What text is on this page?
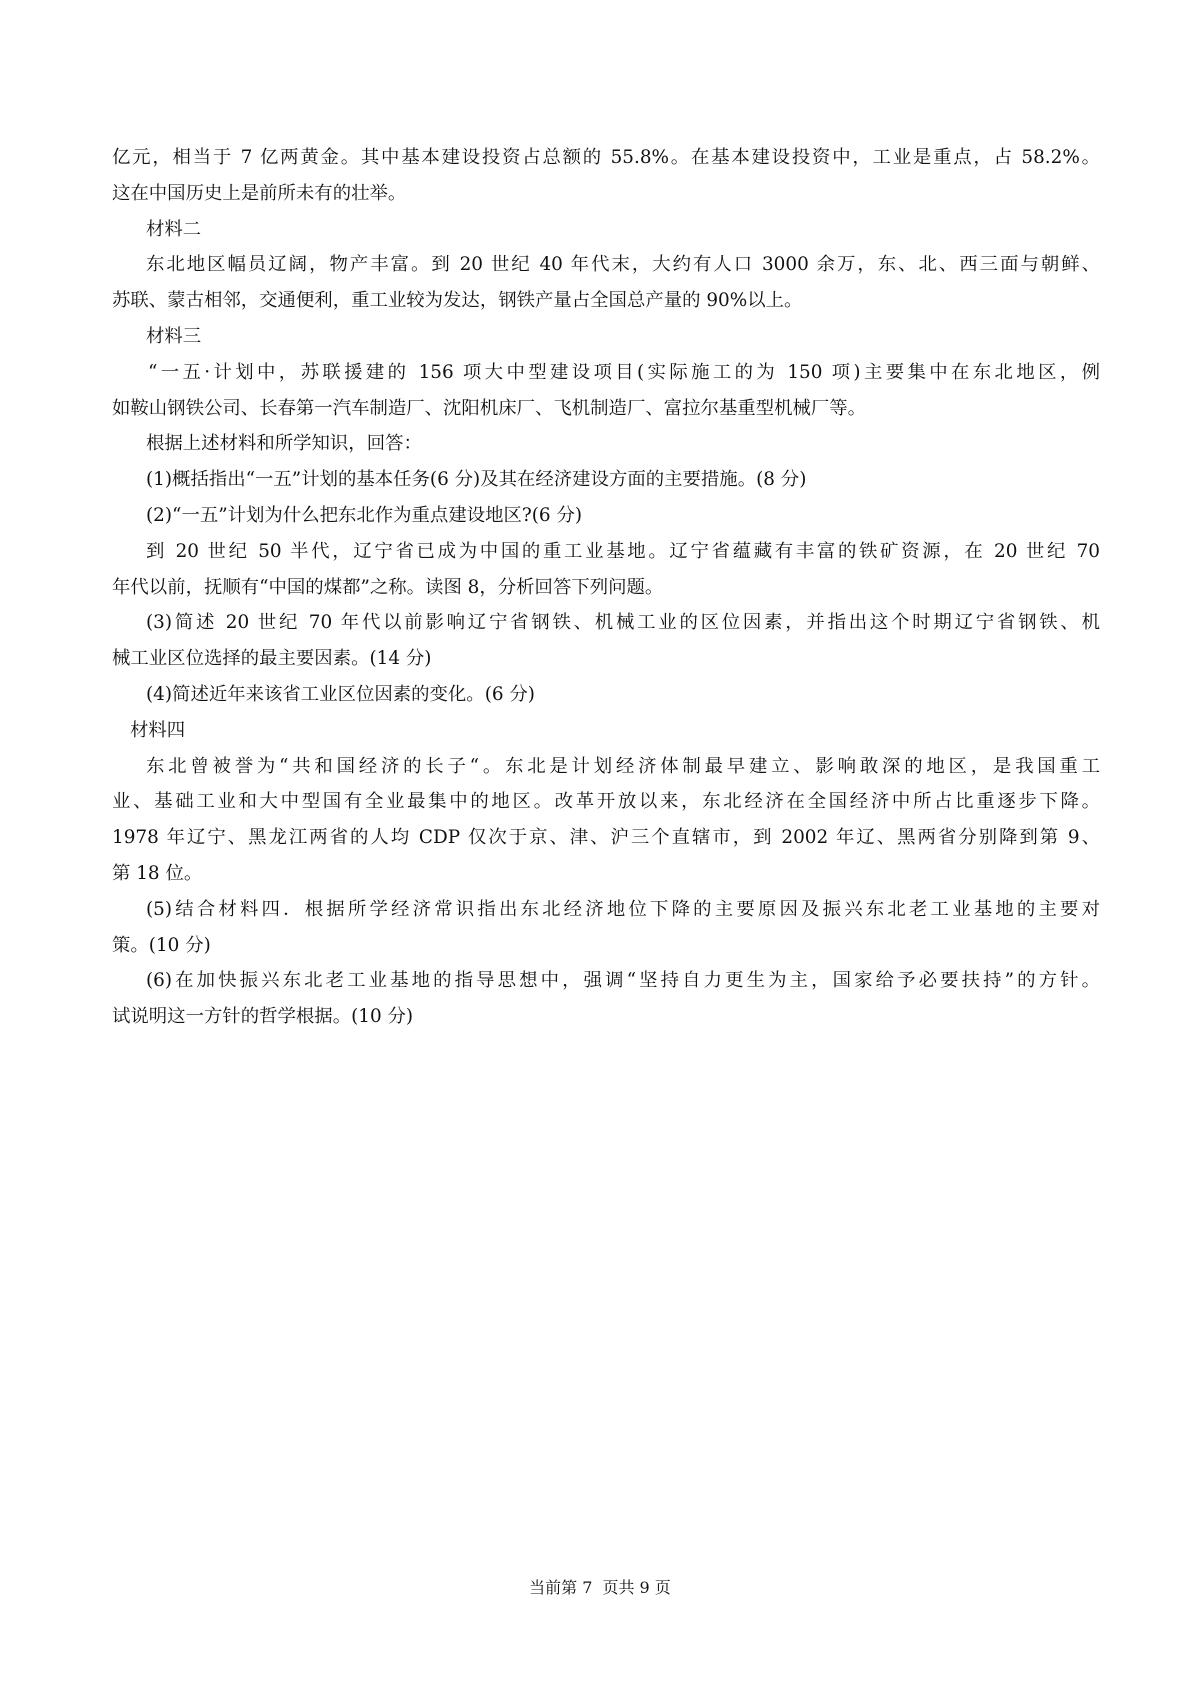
亿元，相当于 7 亿两黄金。其中基本建设投资占总额的 55.8%。在基本建设投资中，工业是重点，占 58.2%。
这在中国历史上是前所未有的壮举。
材料二
东北地区幅员辽阔，物产丰富。到 20 世纪 40 年代末，大约有人口 3000 余万，东、北、西三面与朝鲜、
苏联、蒙古相邻，交通便利，重工业较为发达，钢铁产量占全国总产量的 90%以上。
材料三
“一五·计划中，苏联援建的 156 项大中型建设项目(实际施工的为 150 项)主要集中在东北地区，例
如鞍山钢铁公司、长春第一汽车制造厂、沈阳机床厂、飞机制造厂、富拉尔基重型机械厂等。
根据上述材料和所学知识，回答：
(1)概括指出“一五”计划的基本任务(6 分)及其在经济建设方面的主要措施。(8 分)
(2)“一五”计划为什么把东北作为重点建设地区?(6 分)
到 20 世纪 50 半代，辽宁省已成为中国的重工业基地。辽宁省蕴藏有丰富的铁矿资源，在 20 世纪 70
年代以前，抚顺有“中国的煤都”之称。读图 8，分析回答下列问题。
(3)简述 20 世纪 70 年代以前影响辽宁省钢铁、机械工业的区位因素，并指出这个时期辽宁省钢铁、机
械工业区位选择的最主要因素。(14 分)
(4)简述近年来该省工业区位因素的变化。(6 分)
材料四
东北曾被誉为“共和国经济的长子“。东北是计划经济体制最早建立、影响敢深的地区，是我国重工
业、基础工业和大中型国有全业最集中的地区。改革开放以来，东北经济在全国经济中所占比重逐步下降。
1978 年辽宁、黑龙江两省的人均 CDP 仅次于京、津、沪三个直辖市，到 2002 年辽、黑两省分别降到第 9、
第 18 位。
(5)结合材料四．根据所学经济常识指出东北经济地位下降的主要原因及振兴东北老工业基地的主要对
策。(10 分)
(6)在加快振兴东北老工业基地的指导思想中，强调“坚持自力更生为主，国家给予必要扶持”的方针。
试说明这一方针的哲学根据。(10 分)
当前第 7 页共 9 页
